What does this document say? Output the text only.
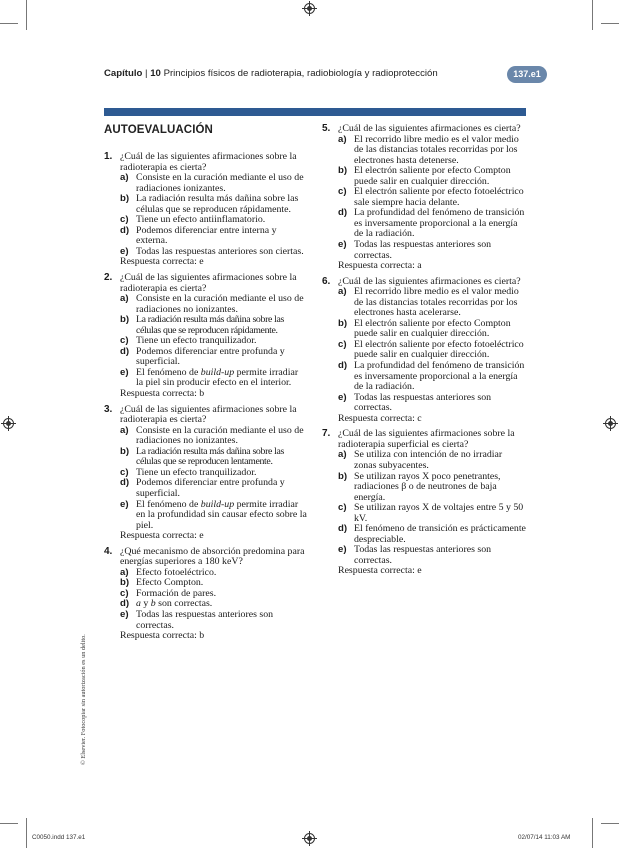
Capítulo | 10 Principios físicos de radioterapia, radiobiología y radioprotección	137.e1
AUTOEVALUACIÓN
1. ¿Cuál de las siguientes afirmaciones sobre la radioterapia es cierta?

a) Consiste en la curación mediante el uso de radiaciones ionizantes.
b) La radiación resulta más dañina sobre las células que se reproducen rápidamente.
c) Tiene un efecto antiinflamatorio.
d) Podemos diferenciar entre interna y externa.
e) Todas las respuestas anteriores son ciertas.

Respuesta correcta: e

2. ¿Cuál de las siguientes afirmaciones sobre la radioterapia es cierta?

a) Consiste en la curación mediante el uso de radiaciones no ionizantes.
b) La radiación resulta más dañina sobre las células que se reproducen rápidamente.
c) Tiene un efecto tranquilizador.
d) Podemos diferenciar entre profunda y superficial.
e) El fenómeno de build-up permite irradiar la piel sin producir efecto en el interior.

Respuesta correcta: b

3. ¿Cuál de las siguientes afirmaciones sobre la radioterapia es cierta?

a) Consiste en la curación mediante el uso de radiaciones no ionizantes.
b) La radiación resulta más dañina sobre las células que se reproducen lentamente.
c) Tiene un efecto tranquilizador.
d) Podemos diferenciar entre profunda y superficial.
e) El fenómeno de build-up permite irradiar en la profundidad sin causar efecto sobre la piel.

Respuesta correcta: e

4. ¿Qué mecanismo de absorción predomina para energías superiores a 180 keV?

a) Efecto fotoeléctrico.
b) Efecto Compton.
c) Formación de pares.
d) a y b son correctas.
e) Todas las respuestas anteriores son correctas.

Respuesta correcta: b

5. ¿Cuál de las siguientes afirmaciones es cierta?

a) El recorrido libre medio es el valor medio de las distancias totales recorridas por los electrones hasta detenerse.
b) El electrón saliente por efecto Compton puede salir en cualquier dirección.
c) El electrón saliente por efecto fotoeléctrico sale siempre hacia delante.
d) La profundidad del fenómeno de transición es inversamente proporcional a la energía de la radiación.
e) Todas las respuestas anteriores son correctas.

Respuesta correcta: a

6. ¿Cuál de las siguientes afirmaciones es cierta?

a) El recorrido libre medio es el valor medio de las distancias totales recorridas por los electrones hasta acelerarse.
b) El electrón saliente por efecto Compton puede salir en cualquier dirección.
c) El electrón saliente por efecto fotoeléctrico puede salir en cualquier dirección.
d) La profundidad del fenómeno de transición es inversamente proporcional a la energía de la radiación.
e) Todas las respuestas anteriores son correctas.

Respuesta correcta: c

7. ¿Cuál de las siguientes afirmaciones sobre la radioterapia superficial es cierta?

a) Se utiliza con intención de no irradiar zonas subyacentes.
b) Se utilizan rayos X poco penetrantes, radiaciones β o de neutrones de baja energía.
c) Se utilizan rayos X de voltajes entre 5 y 50 kV.
d) El fenómeno de transición es prácticamente despreciable.
e) Todas las respuestas anteriores son correctas.

Respuesta correcta: e

© Elsevier. Fotocopiar sin autorización es un delito.
C0050.indd 137.e1	02/07/14 11:03 AM
